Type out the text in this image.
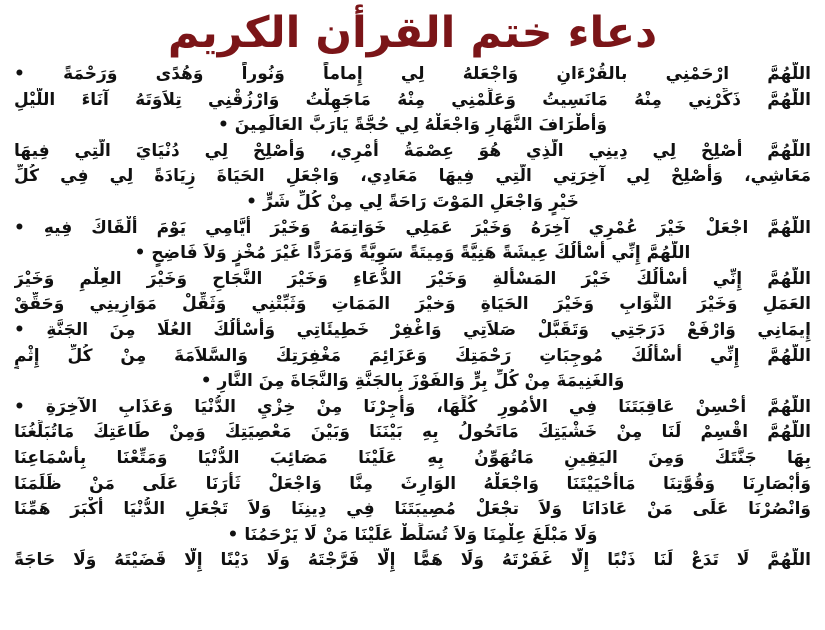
دعاء ختم القرأن الكريم
اللَّهُمَّ ارْحَمْنِي بالقُرْءَانِ وَاجْعَلهُ لِي إِماماً وَنُوراً وَهُدًى وَرَحْمَةً •
اللَّهُمَّ ذَكِّرْنِي مِنْهُ مَانَسِيتُ وَعَلِّمْنِي مِنْهُ مَاجَهِلْتُ وَارْزُقْنِي تِلاَوَتَهُ آنَاءَ اللَّيْلِ
وَأَطْرَافَ النَّهَارِ وَاجْعَلْهُ لِي حُجَّةً يَارَبَّ العَالَمِينَ •
اللَّهُمَّ أَصْلِحْ لِي دِينِي الَّذِي هُوَ عِصْمَةُ أَمْرِي، وَأَصْلِحْ لِي دُنْيَايَ الَّتِي فِيهَا
مَعَاشِي، وَأَصْلِحْ لِي آخِرَتِي الَّتِي فِيهَا مَعَادِي، وَاجْعَلِ الحَيَاةَ زِيَادَةً لِي فِي كُلِّ
خَيْرٍ وَاجْعَلِ المَوْتَ رَاحَةً لِي مِنْ كُلِّ شَرٍّ •
اللَّهُمَّ اجْعَلْ خَيْرَ عُمْرِي آخِرَهُ وَخَيْرَ عَمَلِي خَوَاتِمَهُ وَخَيْرَ أَيَّامِي يَوْمَ أَلْقَاكَ فِيهِ •
اللَّهُمَّ إِنِّي أَسْأَلُكَ عِيشَةً هَنِيَّةً وَمِيتَةً سَوِيَّةً وَمَرَدًّا غَيْرَ مُخْزٍ وَلاَ فَاضِحٍ •
اللَّهُمَّ إِنِّي أَسْأَلُكَ خَيْرَ المَسْأَلةِ وَخَيْرَ الدُّعَاءِ وَخَيْرَ النَّجَاحِ وَخَيْرَ العِلْمِ وَخَيْرَ
العَمَلِ وَخَيْرَ الثَّوَابِ وَخَيْرَ الحَيَاةِ وَخيْرَ المَمَاتِ وَثَبِّتْنِي وَثَقِّلْ مَوَازِينِي وَحَقِّقْ
إِيمَانِي وَارْفَعْ دَرَجَتِي وَتَقَبَّلْ صَلاَتِي وَاغْفِرْ خَطِيئَاتِي وَأَسْأَلُكَ العُلَا مِنَ الجَنَّةِ •
اللَّهُمَّ إِنِّي أَسْأَلُكَ مُوجِبَاتِ رَحْمَتِكَ وَعَزَائِمَ مَغْفِرَتِكَ وَالسَّلاَمَةَ مِنْ كُلِّ إِثْمٍ
وَالغَنِيمَةَ مِنْ كُلِّ بِرٍّ وَالفَوْزَ بِالجَنَّةِ وَالنَّجَاةَ مِنَ النَّارِ •
اللَّهُمَّ أَحْسِنْ عَاقِبَتَنَا فِي الأُمُورِ كُلِّهَا، وَأجِرْنَا مِنْ خِزْيِ الدُّنْيَا وَعَذَابِ الآخِرَةِ •
اللَّهُمَّ اقْسِمْ لَنَا مِنْ خَشْيَتِكَ مَاتَحُولُ بِهِ بَيْنَنَا وَبَيْنَ مَعْصِيَتِكَ وَمِنْ طَاعَتِكَ مَاتُبَلِّغُنَا
بِهَا جَنَّتَكَ وَمِنَ اليَقِينِ مَاتُهَوِّنُ بِهِ عَلَيْنَا مَصَائِبَ الدُّنْيَا وَمَتِّعْنَا بِأَسْمَاعِنَا
وَأَبْصَارِنَا وَقُوَّتِنَا مَاأَحْيَيْتَنَا وَاجْعَلْهُ الوَارِثَ مِنَّا وَاجْعَلْ ثَأْرَنَا عَلَى مَنْ ظَلَمَنَا
وَانْصُرْنَا عَلَى مَنْ عَادَانَا وَلاَ تجْعَلْ مُصِيبَتَنَا فِي دِينِنَا وَلاَ تَجْعَلِ الدُّنْيَا أَكْبَرَ هَمِّنَا
وَلَا مَبْلَغَ عِلْمِنَا وَلاَ تُسَلِّطْ عَلَيْنَا مَنْ لَا يَرْحَمُنَا •
اللَّهُمَّ لَا تَدَعْ لَنَا ذَنْبًا إِلَّا غَفَرْتَهُ وَلَا هَمًّا إِلَّا فَرَّجْتَهُ وَلَا دَيْنًا إِلَّا قَضَيْتَهُ وَلَا حَاجَةً
